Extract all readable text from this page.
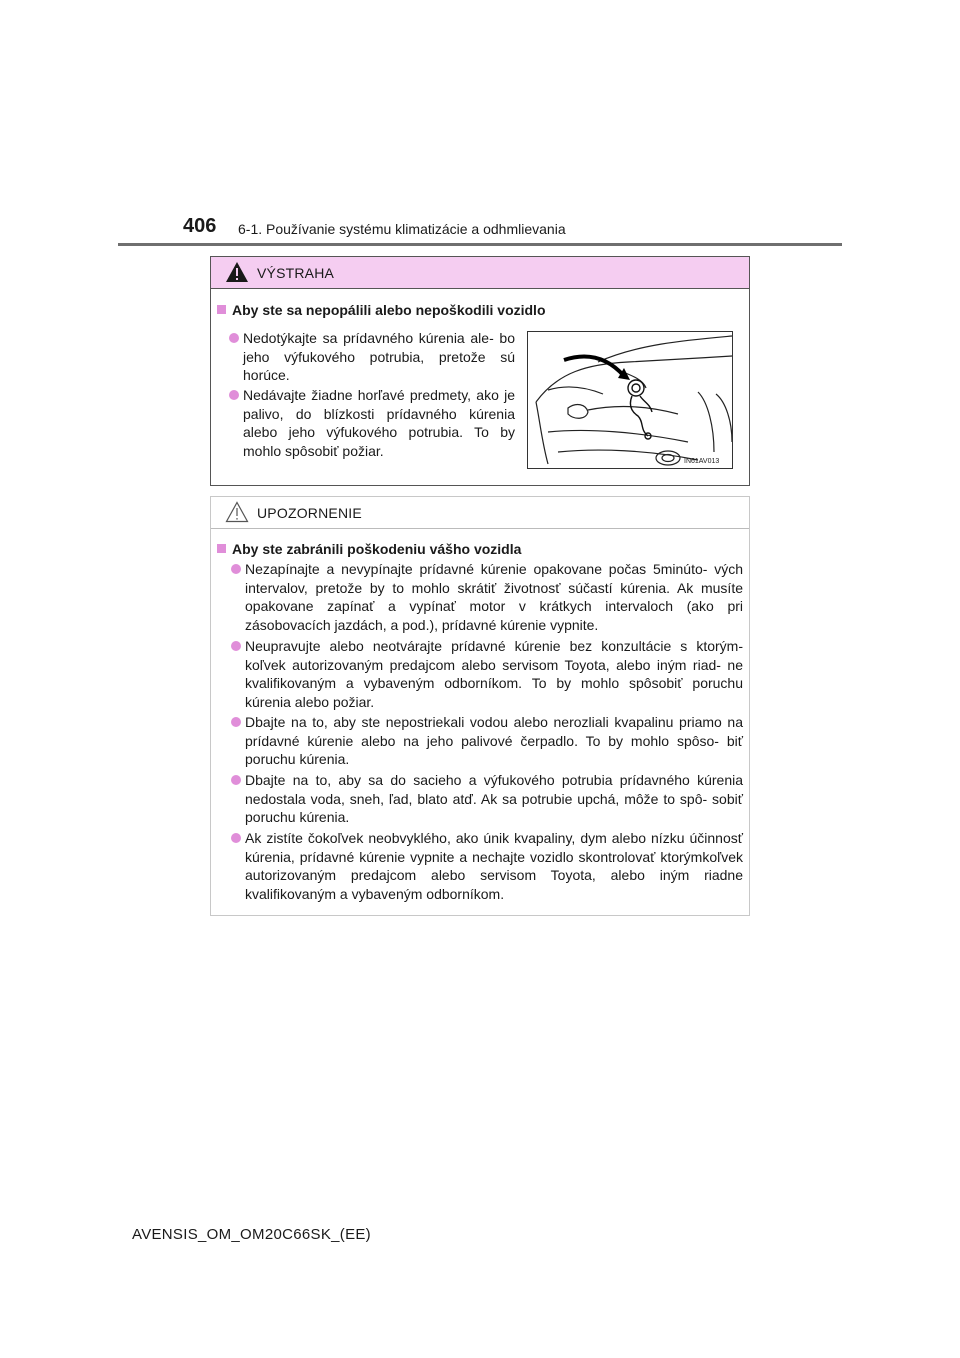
406 6-1. Používanie systému klimatizácie a odhmlievania
VÝSTRAHA
Aby ste sa nepopálili alebo nepoškodili vozidlo
Nedotýkajte sa prídavného kúrenia ale- bo jeho výfukového potrubia, pretože sú horúce.
Nedávajte žiadne horľavé predmety, ako je palivo, do blízkosti prídavného kúrenia alebo jeho výfukového potrubia. To by mohlo spôsobiť požiar.
IN61AV013
UPOZORNENIE
Aby ste zabránili poškodeniu vášho vozidla
Nezapínajte a nevypínajte prídavné kúrenie opakovane počas 5minúto- vých intervalov, pretože by to mohlo skrátiť životnosť súčastí kúrenia. Ak musíte opakovane zapínať a vypínať motor v krátkych intervaloch (ako pri zásobovacích jazdách, a pod.), prídavné kúrenie vypnite.
Neupravujte alebo neotvárajte prídavné kúrenie bez konzultácie s ktorým- koľvek autorizovaným predajcom alebo servisom Toyota, alebo iným riad- ne kvalifikovaným a vybaveným odborníkom. To by mohlo spôsobiť poruchu kúrenia alebo požiar.
Dbajte na to, aby ste nepostriekali vodou alebo nerozliali kvapalinu priamo na prídavné kúrenie alebo na jeho palivové čerpadlo. To by mohlo spôso- biť poruchu kúrenia.
Dbajte na to, aby sa do sacieho a výfukového potrubia prídavného kúrenia nedostala voda, sneh, ľad, blato atď. Ak sa potrubie upchá, môže to spô- sobiť poruchu kúrenia.
Ak zistíte čokoľvek neobvyklého, ako únik kvapaliny, dym alebo nízku účinnosť kúrenia, prídavné kúrenie vypnite a nechajte vozidlo skontrolovať ktorýmkoľvek autorizovaným predajcom alebo servisom Toyota, alebo iným riadne kvalifikovaným a vybaveným odborníkom.
AVENSIS_OM_OM20C66SK_(EE)
